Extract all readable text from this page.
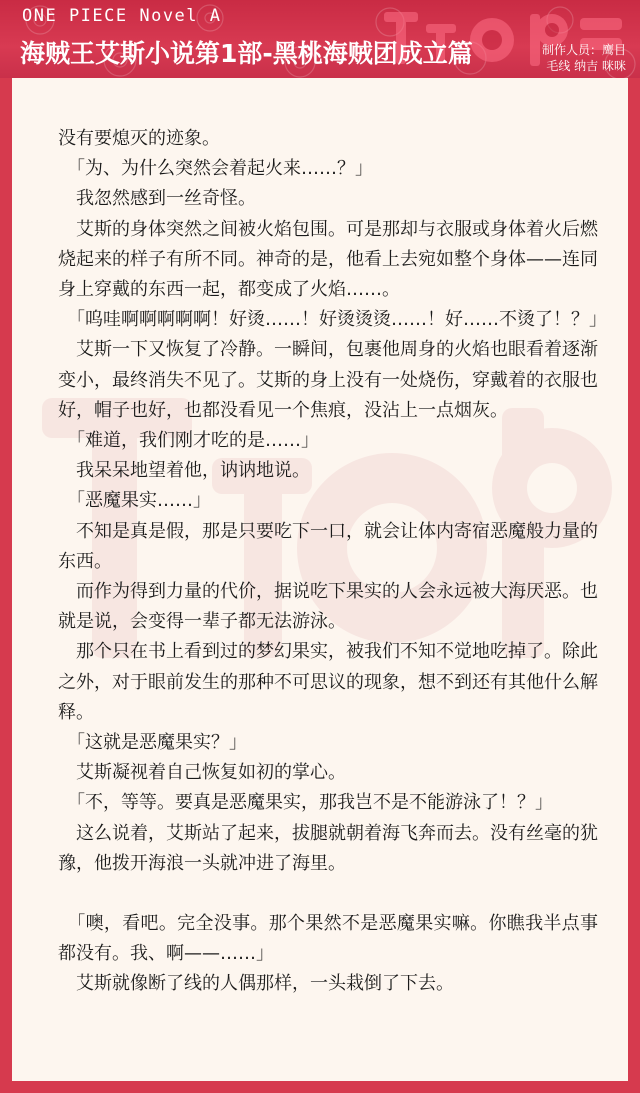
ONE PIECE Novel A
海贼王艾斯小说第1部-黑桃海贼团成立篇	制作人员：鹰目
毛线 纳吉 咪咪

没有要熄灭的迹象。

　「为、为什么突然会着起火来……？」

　我忽然感到一丝奇怪。

　艾斯的身体突然之间被火焰包围。可是那却与衣服或身体着火后燃烧起来的样子有所不同。神奇的是，他看上去宛如整个身体——连同身上穿戴的东西一起，都变成了火焰……。

　「呜哇啊啊啊啊啊！好烫……！好烫烫烫……！好……不烫了！？」

　艾斯一下又恢复了冷静。一瞬间，包裹他周身的火焰也眼看着逐渐变小，最终消失不见了。艾斯的身上没有一处烧伤，穿戴着的衣服也好，帽子也好，也都没看见一个焦痕，没沾上一点烟灰。

　「难道，我们刚才吃的是……」

　我呆呆地望着他，讷讷地说。

　「恶魔果实……」

　不知是真是假，那是只要吃下一口，就会让体内寄宿恶魔般力量的东西。

　而作为得到力量的代价，据说吃下果实的人会永远被大海厌恶。也就是说，会变得一辈子都无法游泳。

　那个只在书上看到过的梦幻果实，被我们不知不觉地吃掉了。除此之外，对于眼前发生的那种不可思议的现象，想不到还有其他什么解释。

　「这就是恶魔果实？」

　艾斯凝视着自己恢复如初的掌心。

　「不，等等。要真是恶魔果实，那我岂不是不能游泳了！？」

　这么说着，艾斯站了起来，拔腿就朝着海飞奔而去。没有丝毫的犹豫，他拨开海浪一头就冲进了海里。

　「噢，看吧。完全没事。那个果然不是恶魔果实嘛。你瞧我半点事都没有。我、啊——……」

　艾斯就像断了线的人偶那样，一头栽倒了下去。
